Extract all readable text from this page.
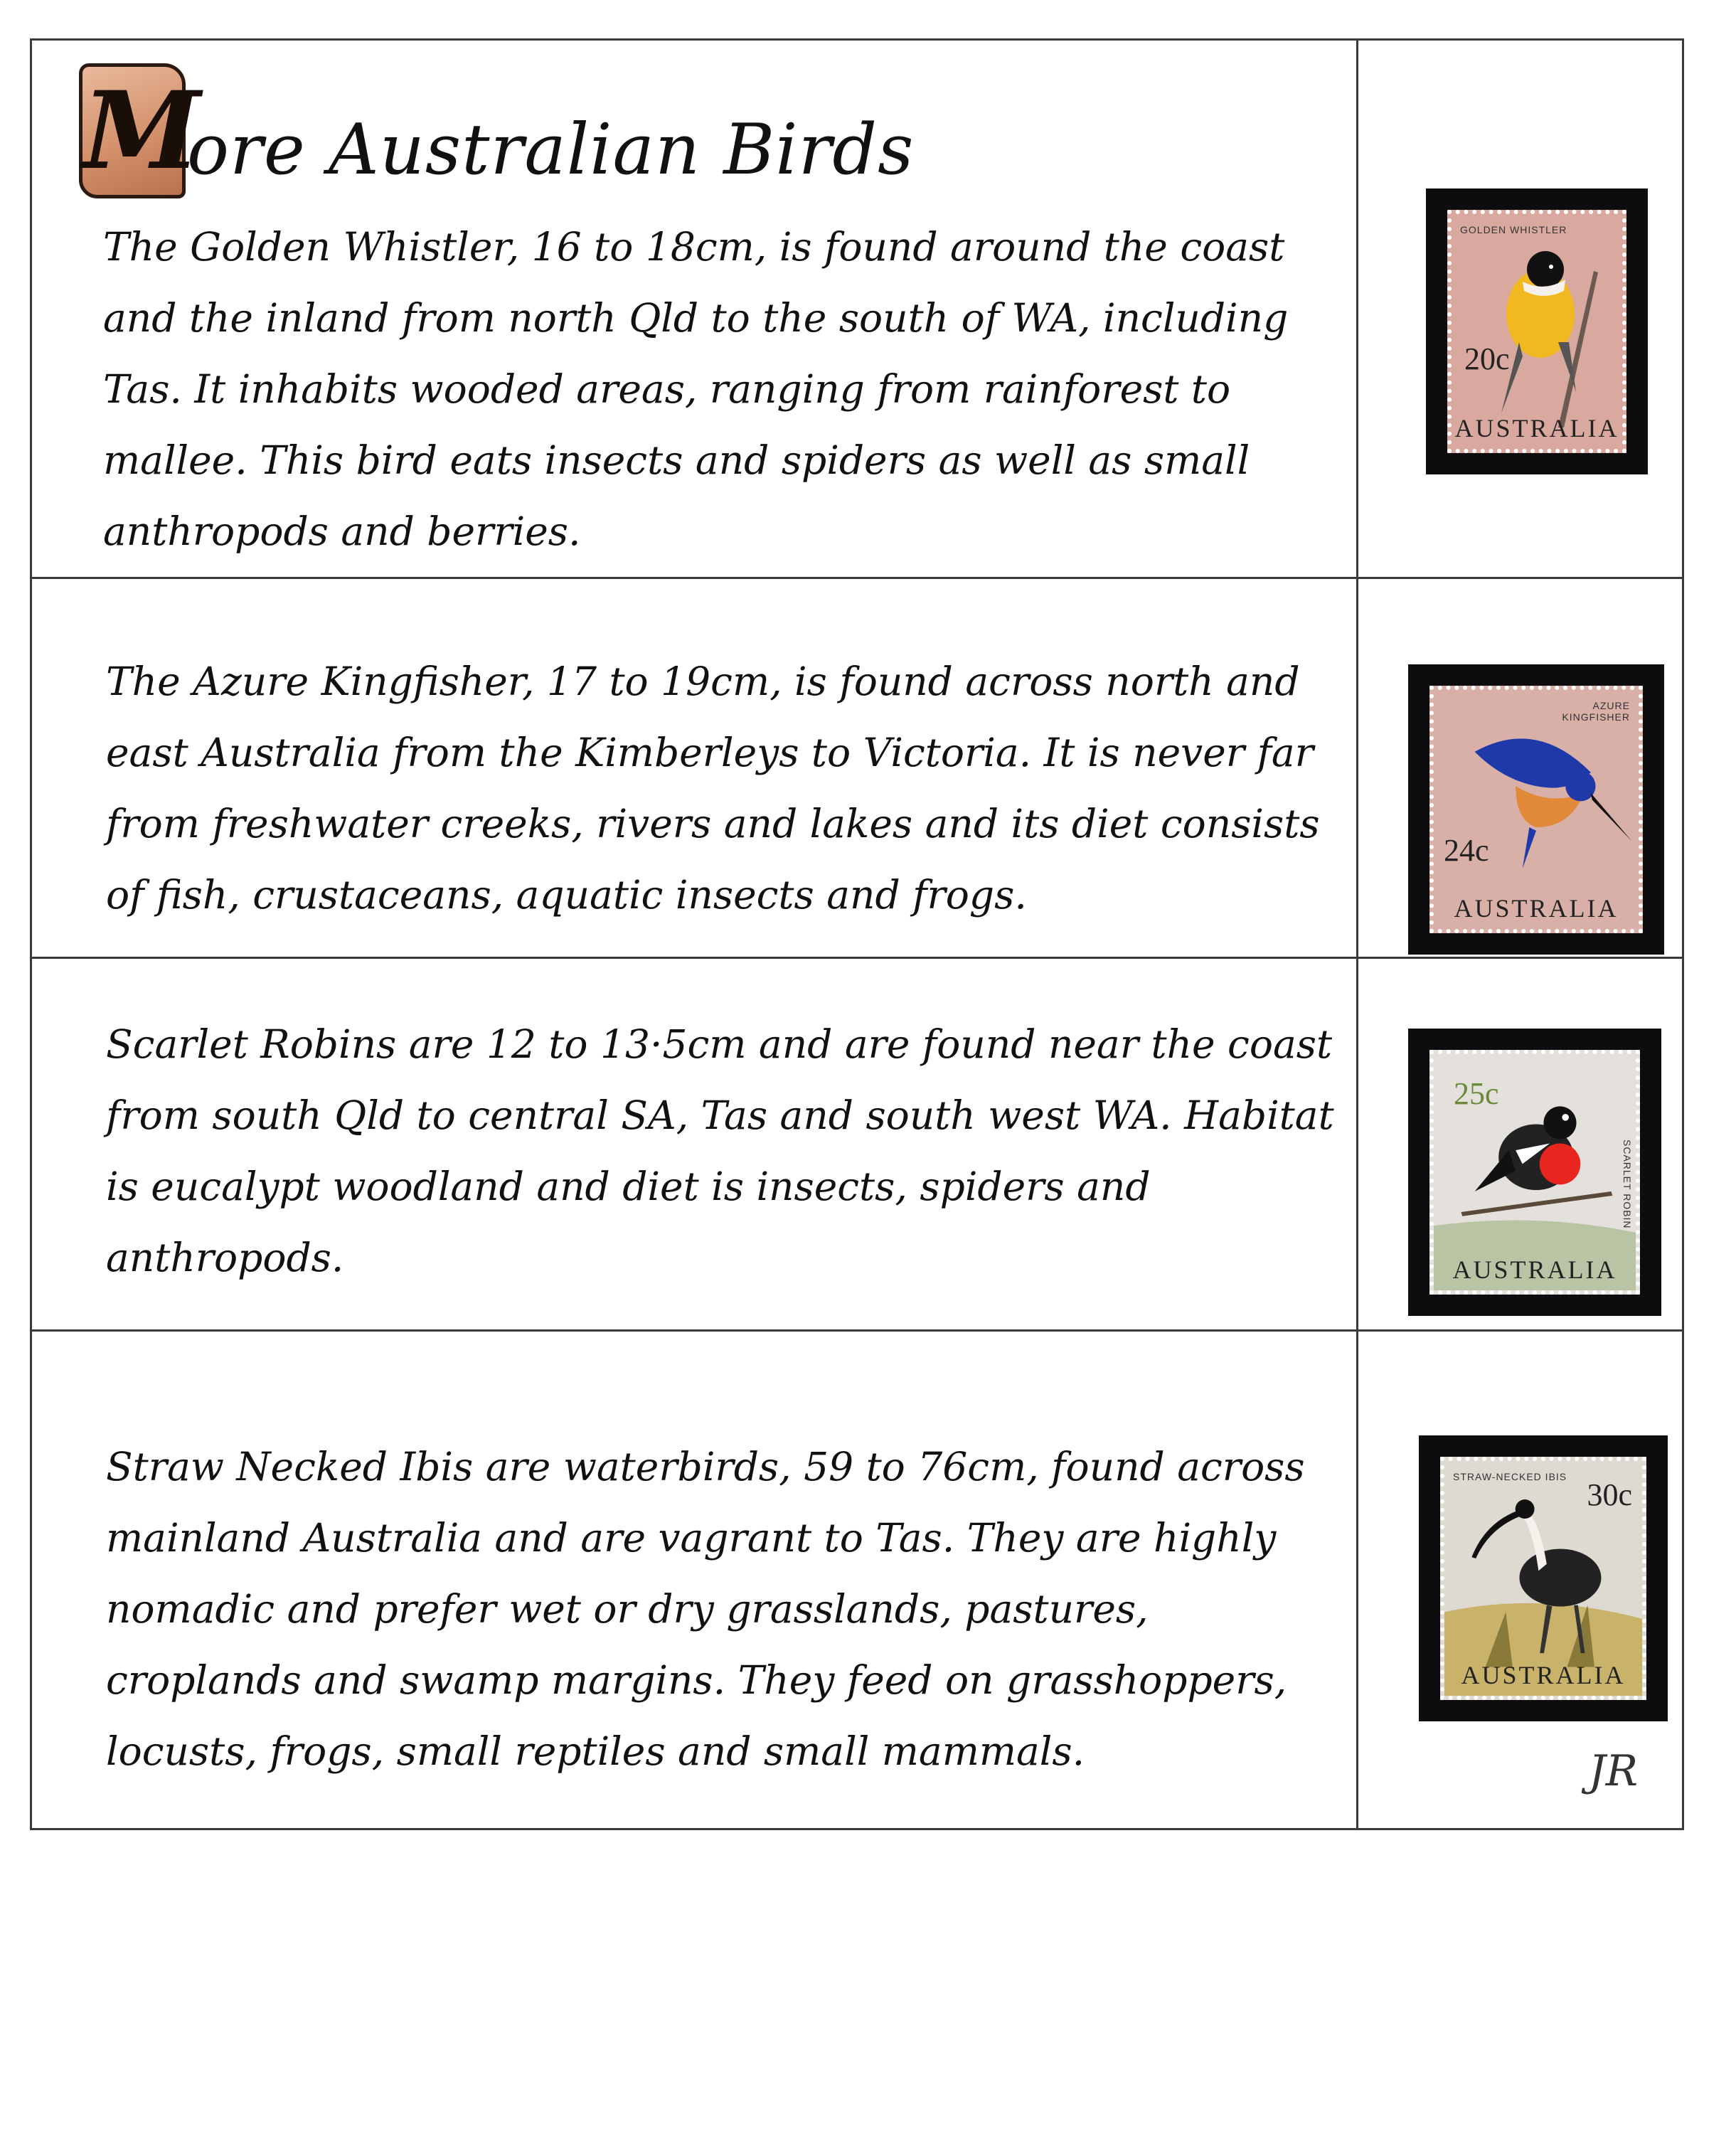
M
ore Australian Birds

The Golden Whistler, 16 to 18cm, is found around the coast and the inland from north Qld to the south of WA, including Tas. It inhabits wooded areas, ranging from rainforest to mallee. This bird eats insects and spiders as well as small anthropods and berries.

GOLDEN WHISTLER
20c
AUSTRALIA

The Azure Kingfisher, 17 to 19cm, is found across north and east Australia from the Kimberleys to Victoria. It is never far from freshwater creeks, rivers and lakes and its diet consists of fish, crustaceans, aquatic insects and frogs.

AZURE KINGFISHER
24c
AUSTRALIA

Scarlet Robins are 12 to 13·5cm and are found near the coast from south Qld to central SA, Tas and south west WA. Habitat is eucalypt woodland and diet is insects, spiders and anthropods.

SCARLET ROBIN
25c
AUSTRALIA

Straw Necked Ibis are waterbirds, 59 to 76cm, found across mainland Australia and are vagrant to Tas. They are highly nomadic and prefer wet or dry grasslands, pastures, croplands and swamp margins. They feed on grasshoppers, locusts, frogs, small reptiles and small mammals.

STRAW-NECKED IBIS
30c
AUSTRALIA
JR
